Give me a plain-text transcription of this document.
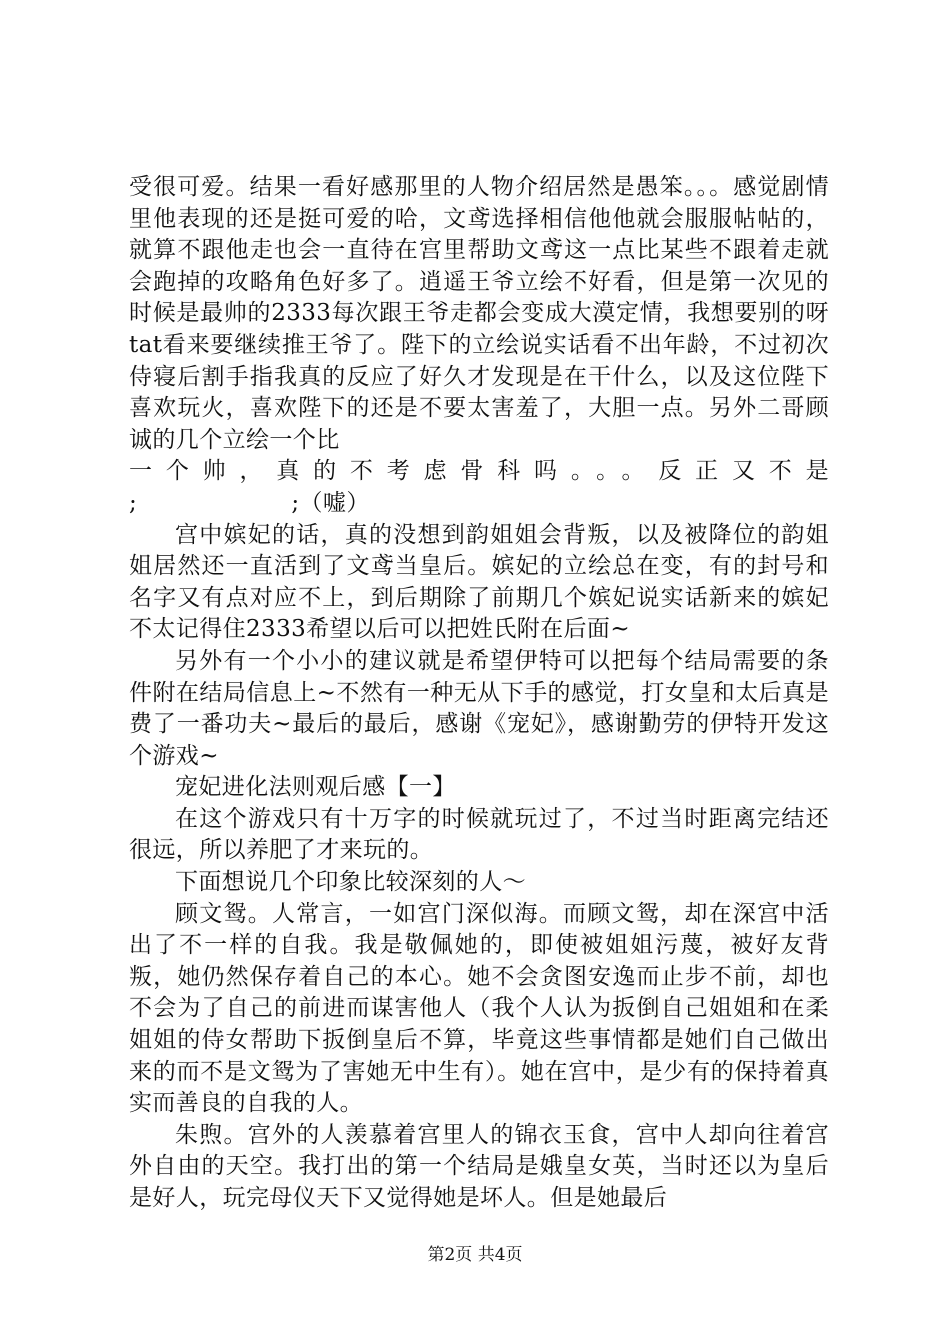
受很可爱。结果一看好感那里的人物介绍居然是愚笨。。。感觉剧情里他表现的还是挺可爱的哈，文鸢选择相信他他就会服服帖帖的，就算不跟他走也会一直待在宫里帮助文鸢这一点比某些不跟着走就会跑掉的攻略角色好多了。逍遥王爷立绘不好看，但是第一次见的时候是最帅的2333每次跟王爷走都会变成大漠定情，我想要别的呀tat看来要继续推王爷了。陛下的立绘说实话看不出年龄，不过初次侍寝后割手指我真的反应了好久才发现是在干什么，以及这位陛下喜欢玩火，喜欢陛下的还是不要太害羞了，大胆一点。另外二哥顾诚的几个立绘一个比

一个帅，真的不考虑骨科吗。。。反正又不是

;                    ;（嘘）

宫中嫔妃的话，真的没想到韵姐姐会背叛，以及被降位的韵姐姐居然还一直活到了文鸢当皇后。嫔妃的立绘总在变，有的封号和名字又有点对应不上，到后期除了前期几个嫔妃说实话新来的嫔妃不太记得住2333希望以后可以把姓氏附在后面~

另外有一个小小的建议就是希望伊特可以把每个结局需要的条件附在结局信息上~不然有一种无从下手的感觉，打女皇和太后真是费了一番功夫~最后的最后，感谢《宠妃》，感谢勤劳的伊特开发这个游戏~

宠妃进化法则观后感【一】

在这个游戏只有十万字的时候就玩过了，不过当时距离完结还很远，所以养肥了才来玩的。

下面想说几个印象比较深刻的人～

顾文鸳。人常言，一如宫门深似海。而顾文鸳，却在深宫中活出了不一样的自我。我是敬佩她的，即使被姐姐污蔑，被好友背叛，她仍然保存着自己的本心。她不会贪图安逸而止步不前，却也不会为了自己的前进而谋害他人（我个人认为扳倒自己姐姐和在柔姐姐的侍女帮助下扳倒皇后不算，毕竟这些事情都是她们自己做出来的而不是文鸳为了害她无中生有）。她在宫中，是少有的保持着真实而善良的自我的人。

朱煦。宫外的人羡慕着宫里人的锦衣玉食，宫中人却向往着宫外自由的天空。我打出的第一个结局是娥皇女英，当时还以为皇后是好人，玩完母仪天下又觉得她是坏人。但是她最后

第2页 共4页
